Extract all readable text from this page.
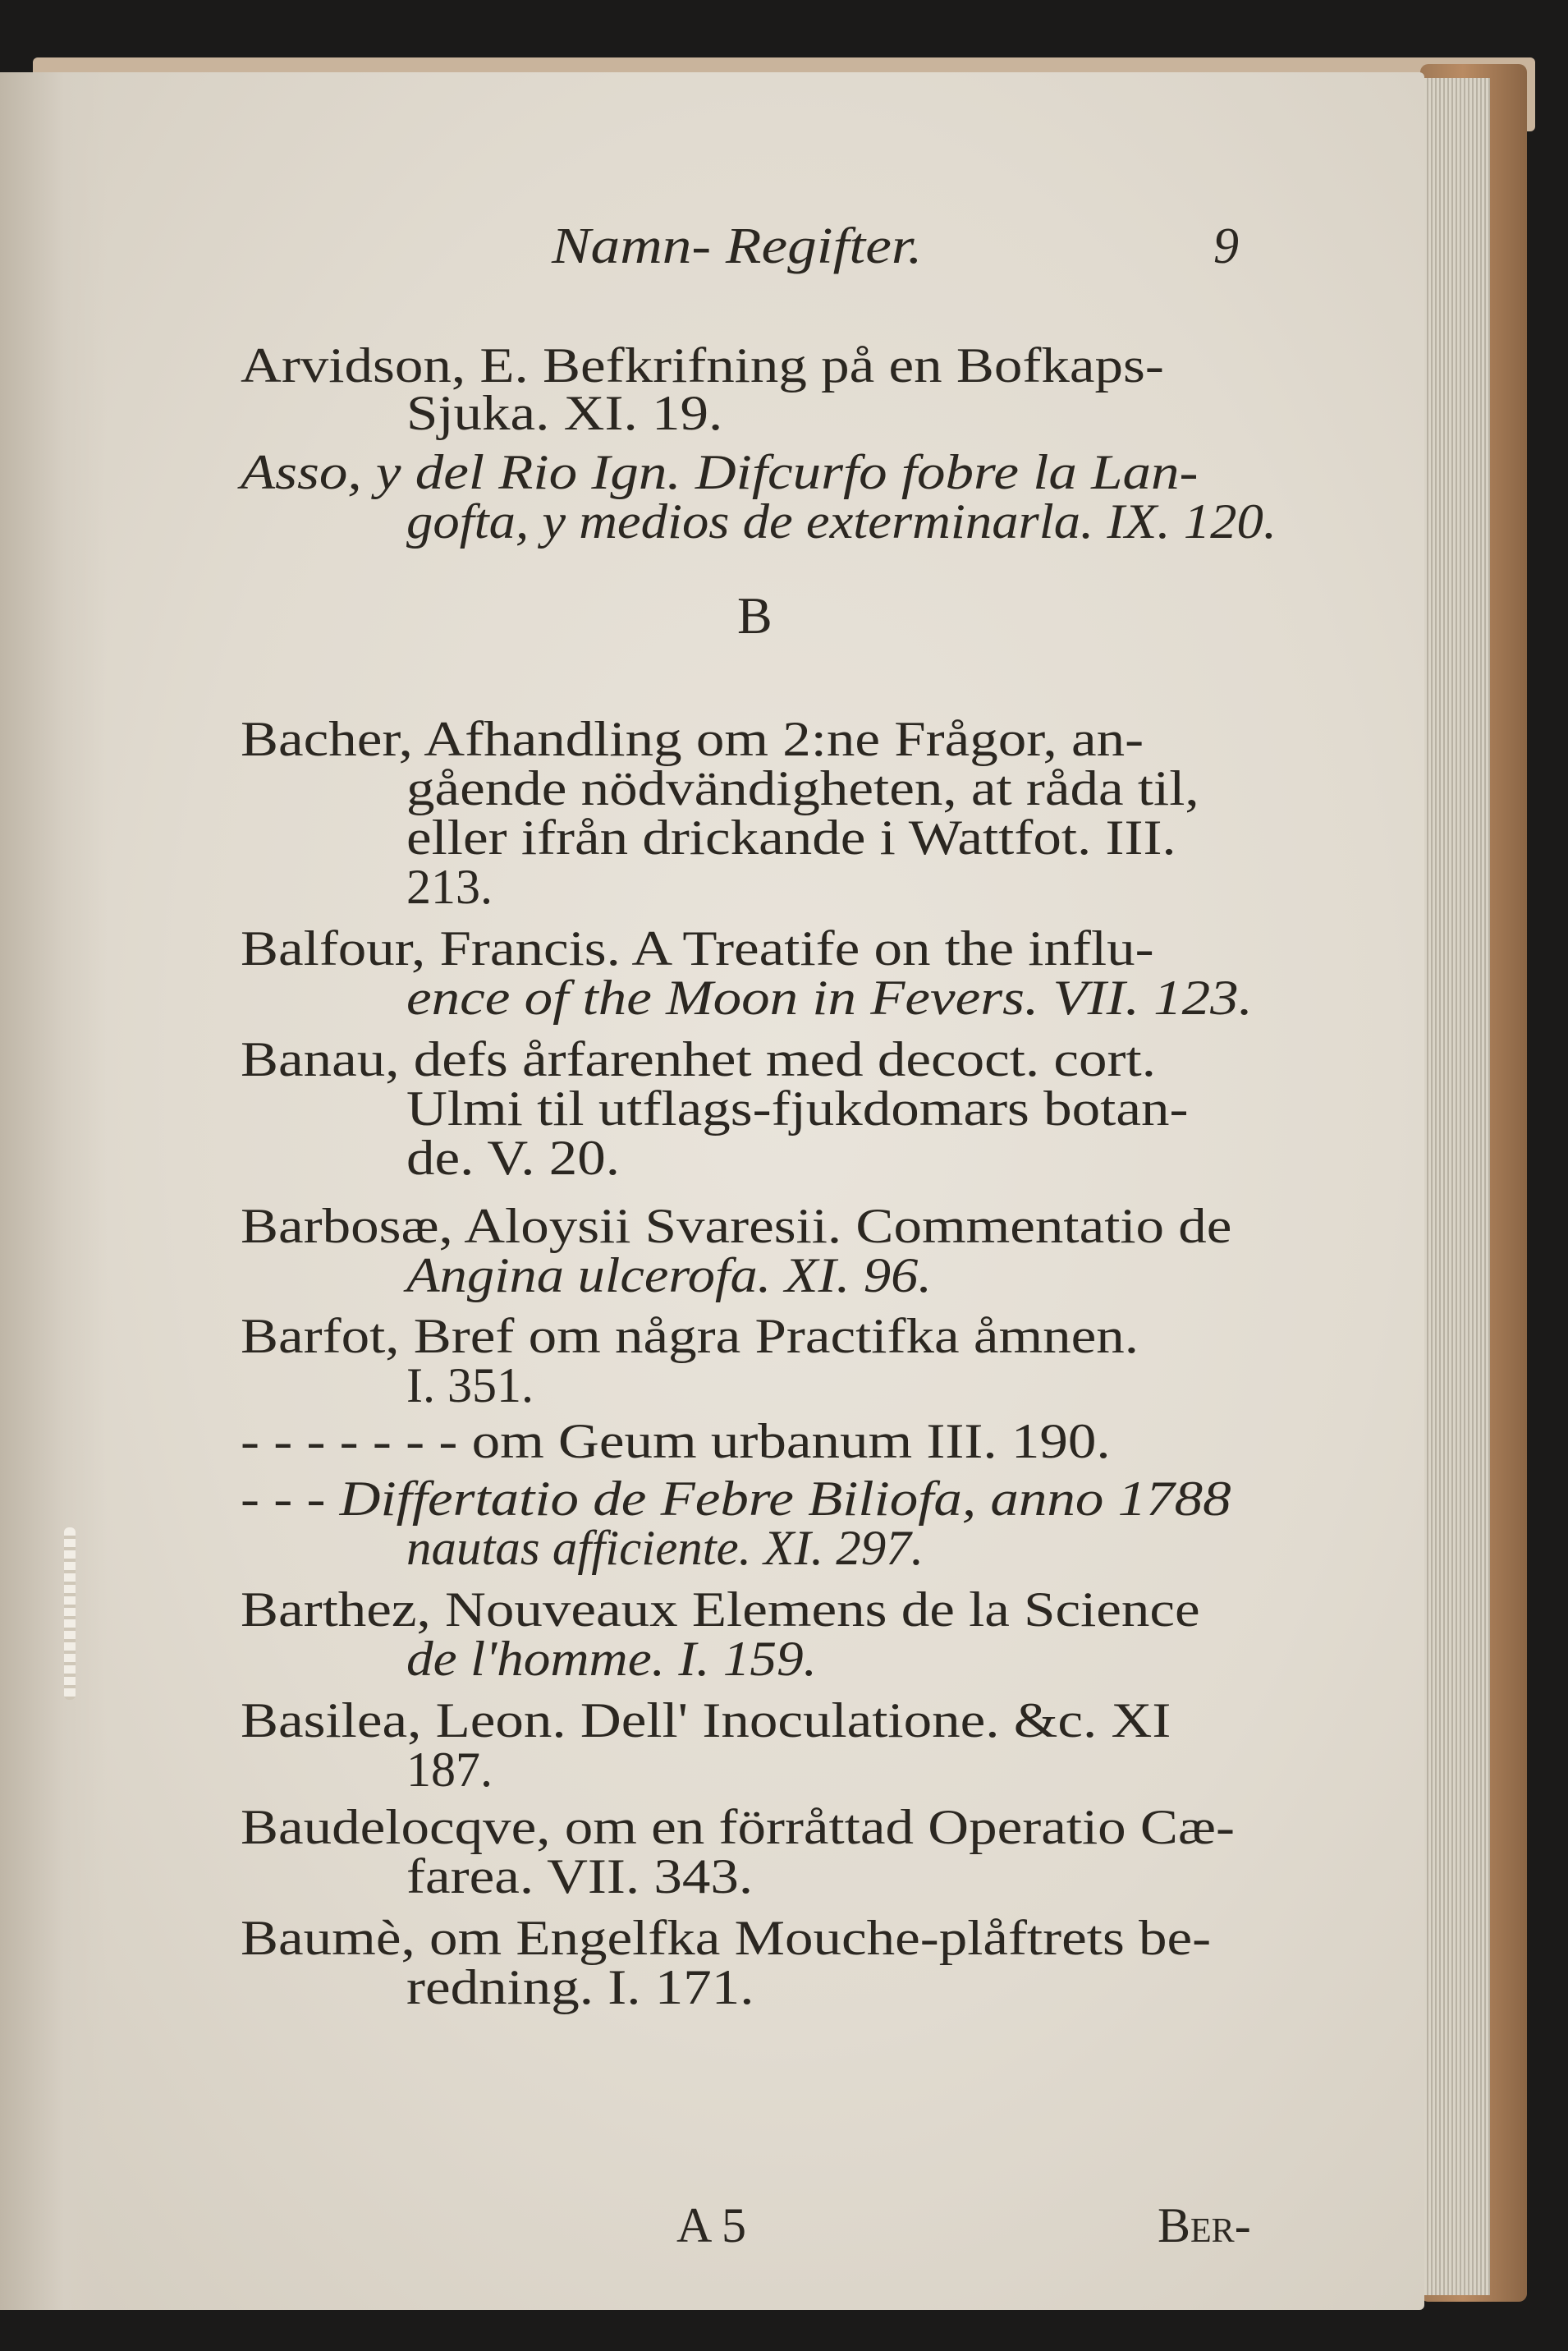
Namn- Regifter.	9
Arvidson, E. Befkrifning på en Bofkaps-
Sjuka. XI. 19.
Asso, y del Rio Ign. Difcurfo fobre la Lan-
gofta, y medios de exterminarla. IX. 120.
B
Bacher, Afhandling om 2:ne Frågor, an-
gående nödvändigheten, at råda til,
eller ifrån drickande i Wattfot. III.
213.
Balfour, Francis. A Treatife on the influ-
ence of the Moon in Fevers. VII. 123.
Banau, defs årfarenhet med decoct. cort.
Ulmi til utflags-fjukdomars botan-
de. V. 20.
Barbosæ, Aloysii Svaresii. Commentatio de
Angina ulcerofa. XI. 96.
Barfot, Bref om några Practifka åmnen.
I. 351.
- - - - - - - om Geum urbanum III. 190.
- - - Differtatio de Febre Biliofa, anno 1788
nautas afficiente. XI. 297.
Barthez, Nouveaux Elemens de la Science
de l'homme. I. 159.
Basilea, Leon. Dell' Inoculatione. &c. XI
187.
Baudelocqve, om en förråttad Operatio Cæ-
farea. VII. 343.
Baumè, om Engelfka Mouche-plåftrets be-
redning. I. 171.
A 5	Ber-
